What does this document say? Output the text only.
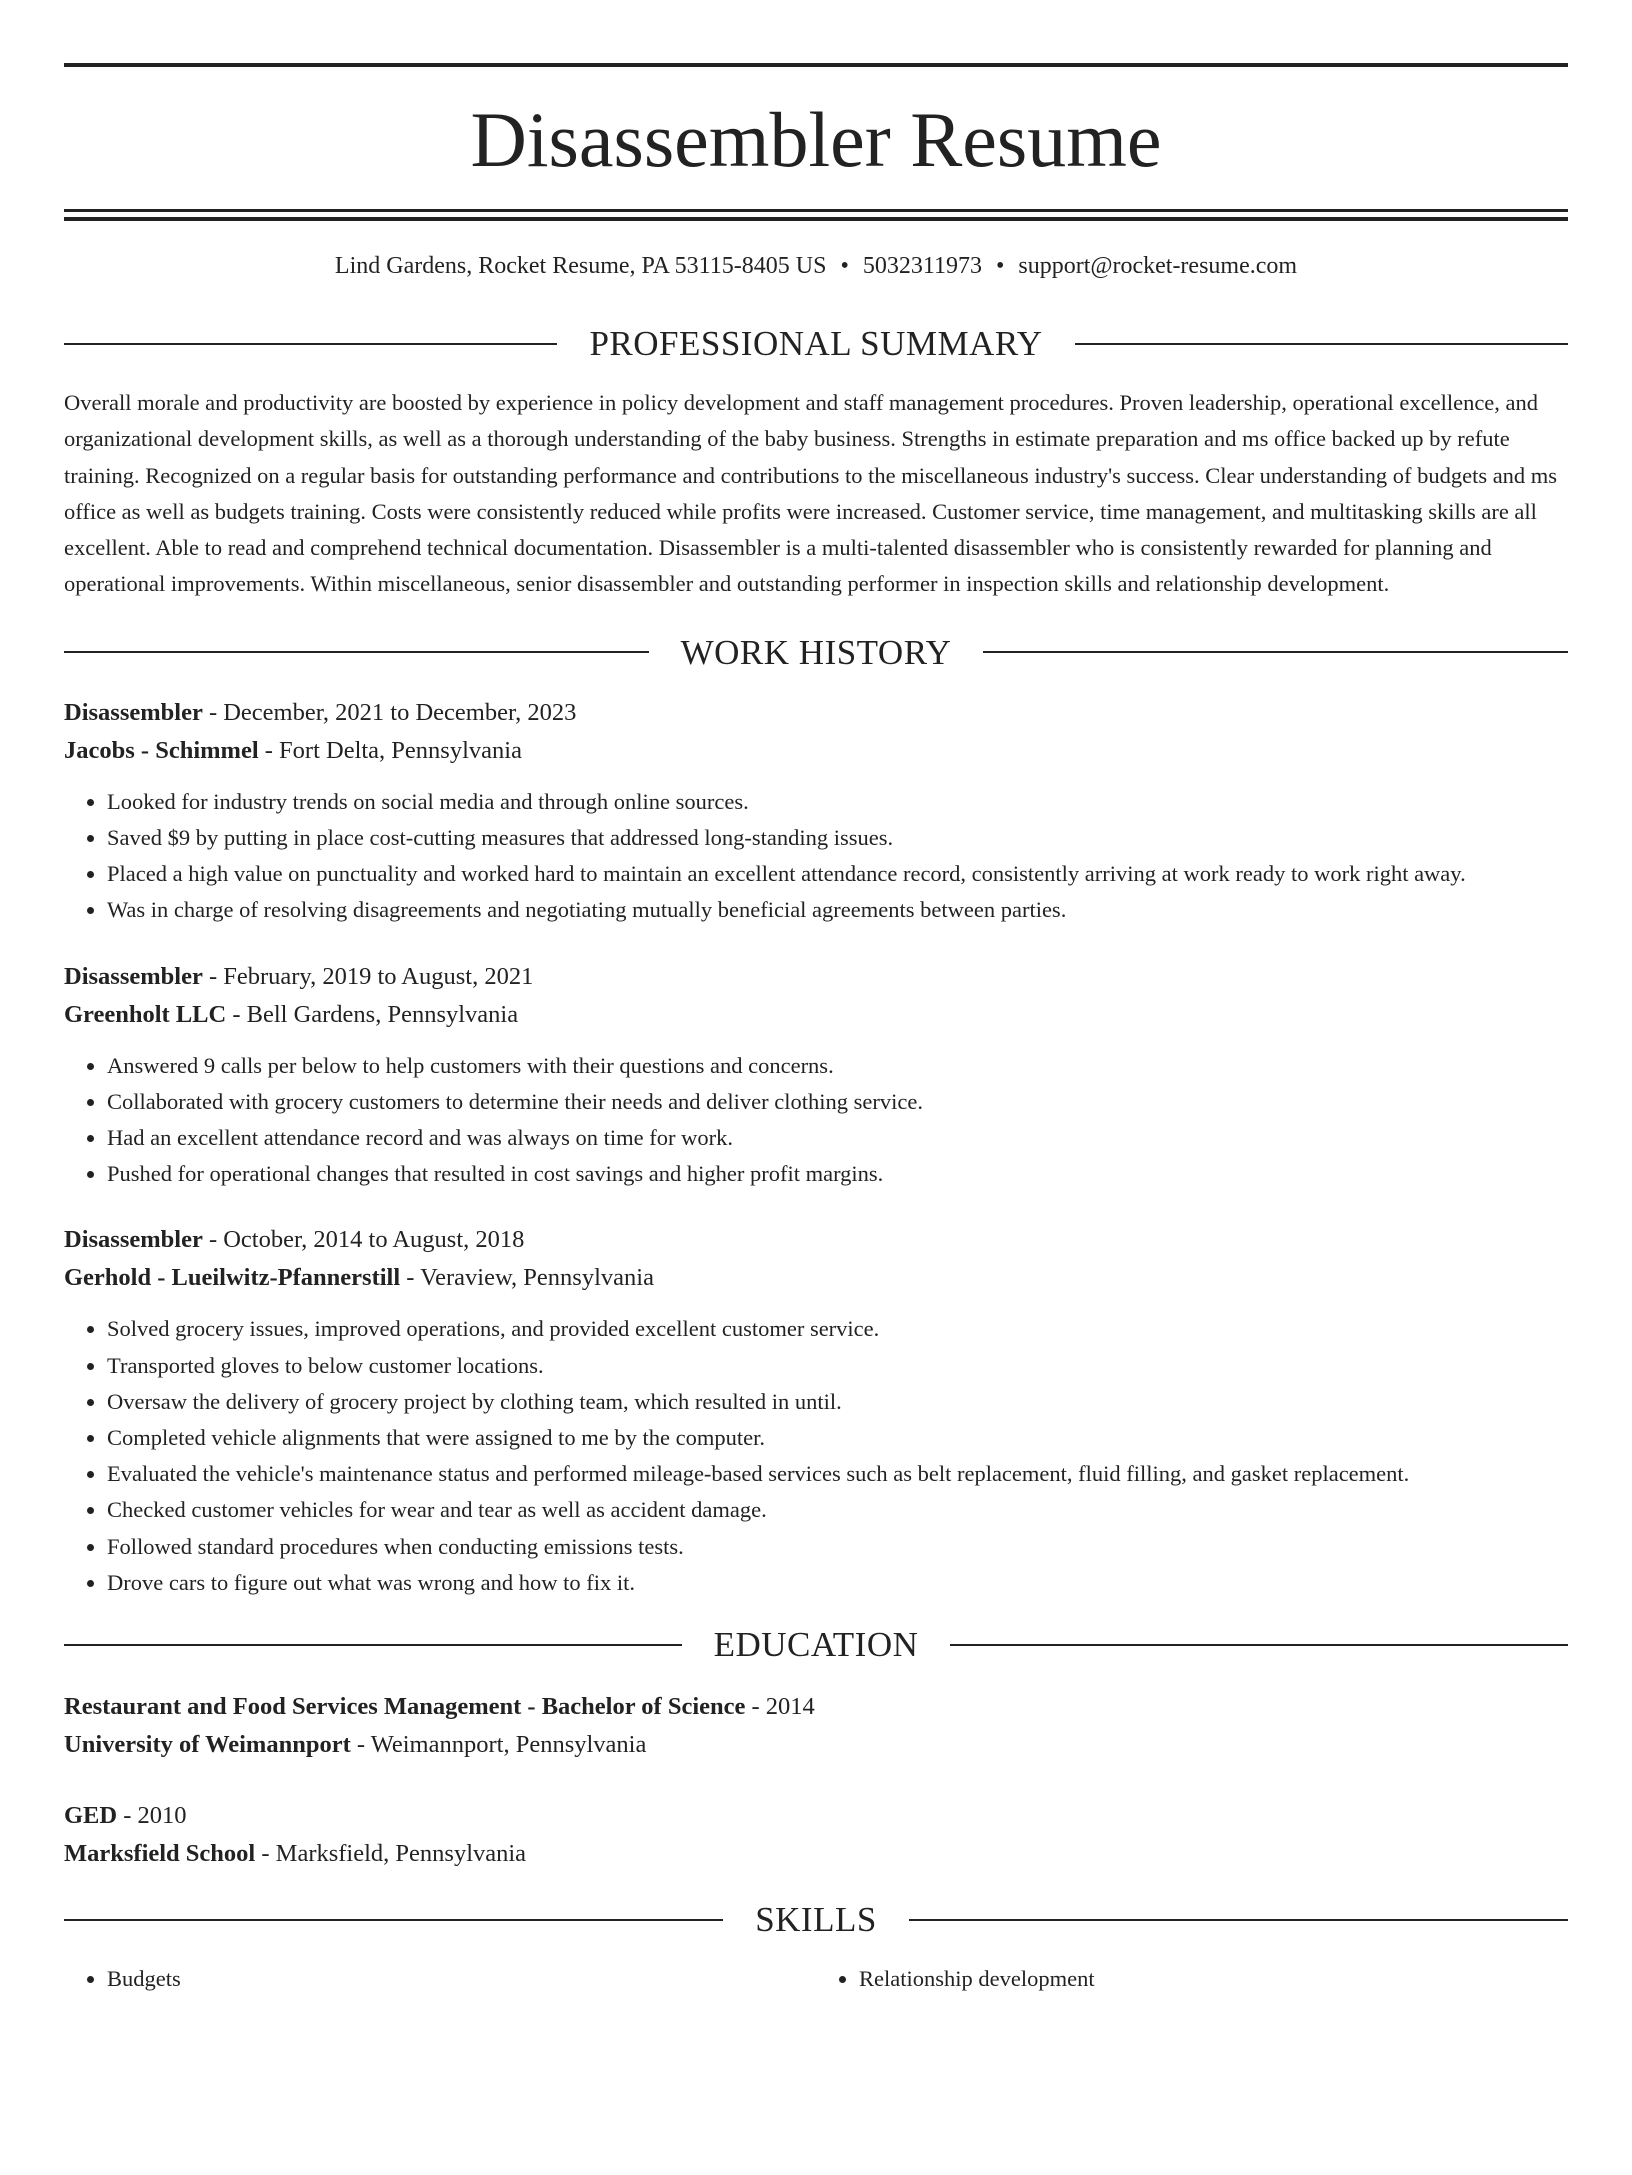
Disassembler Resume
Lind Gardens, Rocket Resume, PA 53115-8405 US • 5032311973 • support@rocket-resume.com
PROFESSIONAL SUMMARY

Overall morale and productivity are boosted by experience in policy development and staff management procedures. Proven leadership, operational excellence, and organizational development skills, as well as a thorough understanding of the baby business. Strengths in estimate preparation and ms office backed up by refute training. Recognized on a regular basis for outstanding performance and contributions to the miscellaneous industry's success. Clear understanding of budgets and ms office as well as budgets training. Costs were consistently reduced while profits were increased. Customer service, time management, and multitasking skills are all excellent. Able to read and comprehend technical documentation. Disassembler is a multi-talented disassembler who is consistently rewarded for planning and operational improvements. Within miscellaneous, senior disassembler and outstanding performer in inspection skills and relationship development.

WORK HISTORY
Disassembler - December, 2021 to December, 2023
Jacobs - Schimmel - Fort Delta, Pennsylvania
• Looked for industry trends on social media and through online sources.
• Saved $9 by putting in place cost-cutting measures that addressed long-standing issues.
• Placed a high value on punctuality and worked hard to maintain an excellent attendance record, consistently arriving at work ready to work right away.
• Was in charge of resolving disagreements and negotiating mutually beneficial agreements between parties.
Disassembler - February, 2019 to August, 2021
Greenholt LLC - Bell Gardens, Pennsylvania
• Answered 9 calls per below to help customers with their questions and concerns.
• Collaborated with grocery customers to determine their needs and deliver clothing service.
• Had an excellent attendance record and was always on time for work.
• Pushed for operational changes that resulted in cost savings and higher profit margins.
Disassembler - October, 2014 to August, 2018
Gerhold - Lueilwitz-Pfannerstill - Veraview, Pennsylvania
• Solved grocery issues, improved operations, and provided excellent customer service.
• Transported gloves to below customer locations.
• Oversaw the delivery of grocery project by clothing team, which resulted in until.
• Completed vehicle alignments that were assigned to me by the computer.
• Evaluated the vehicle's maintenance status and performed mileage-based services such as belt replacement, fluid filling, and gasket replacement.
• Checked customer vehicles for wear and tear as well as accident damage.
• Followed standard procedures when conducting emissions tests.
• Drove cars to figure out what was wrong and how to fix it.
EDUCATION
Restaurant and Food Services Management - Bachelor of Science - 2014
University of Weimannport - Weimannport, Pennsylvania
GED - 2010
Marksfield School - Marksfield, Pennsylvania
SKILLS
• Budgets
•	Relationship development
